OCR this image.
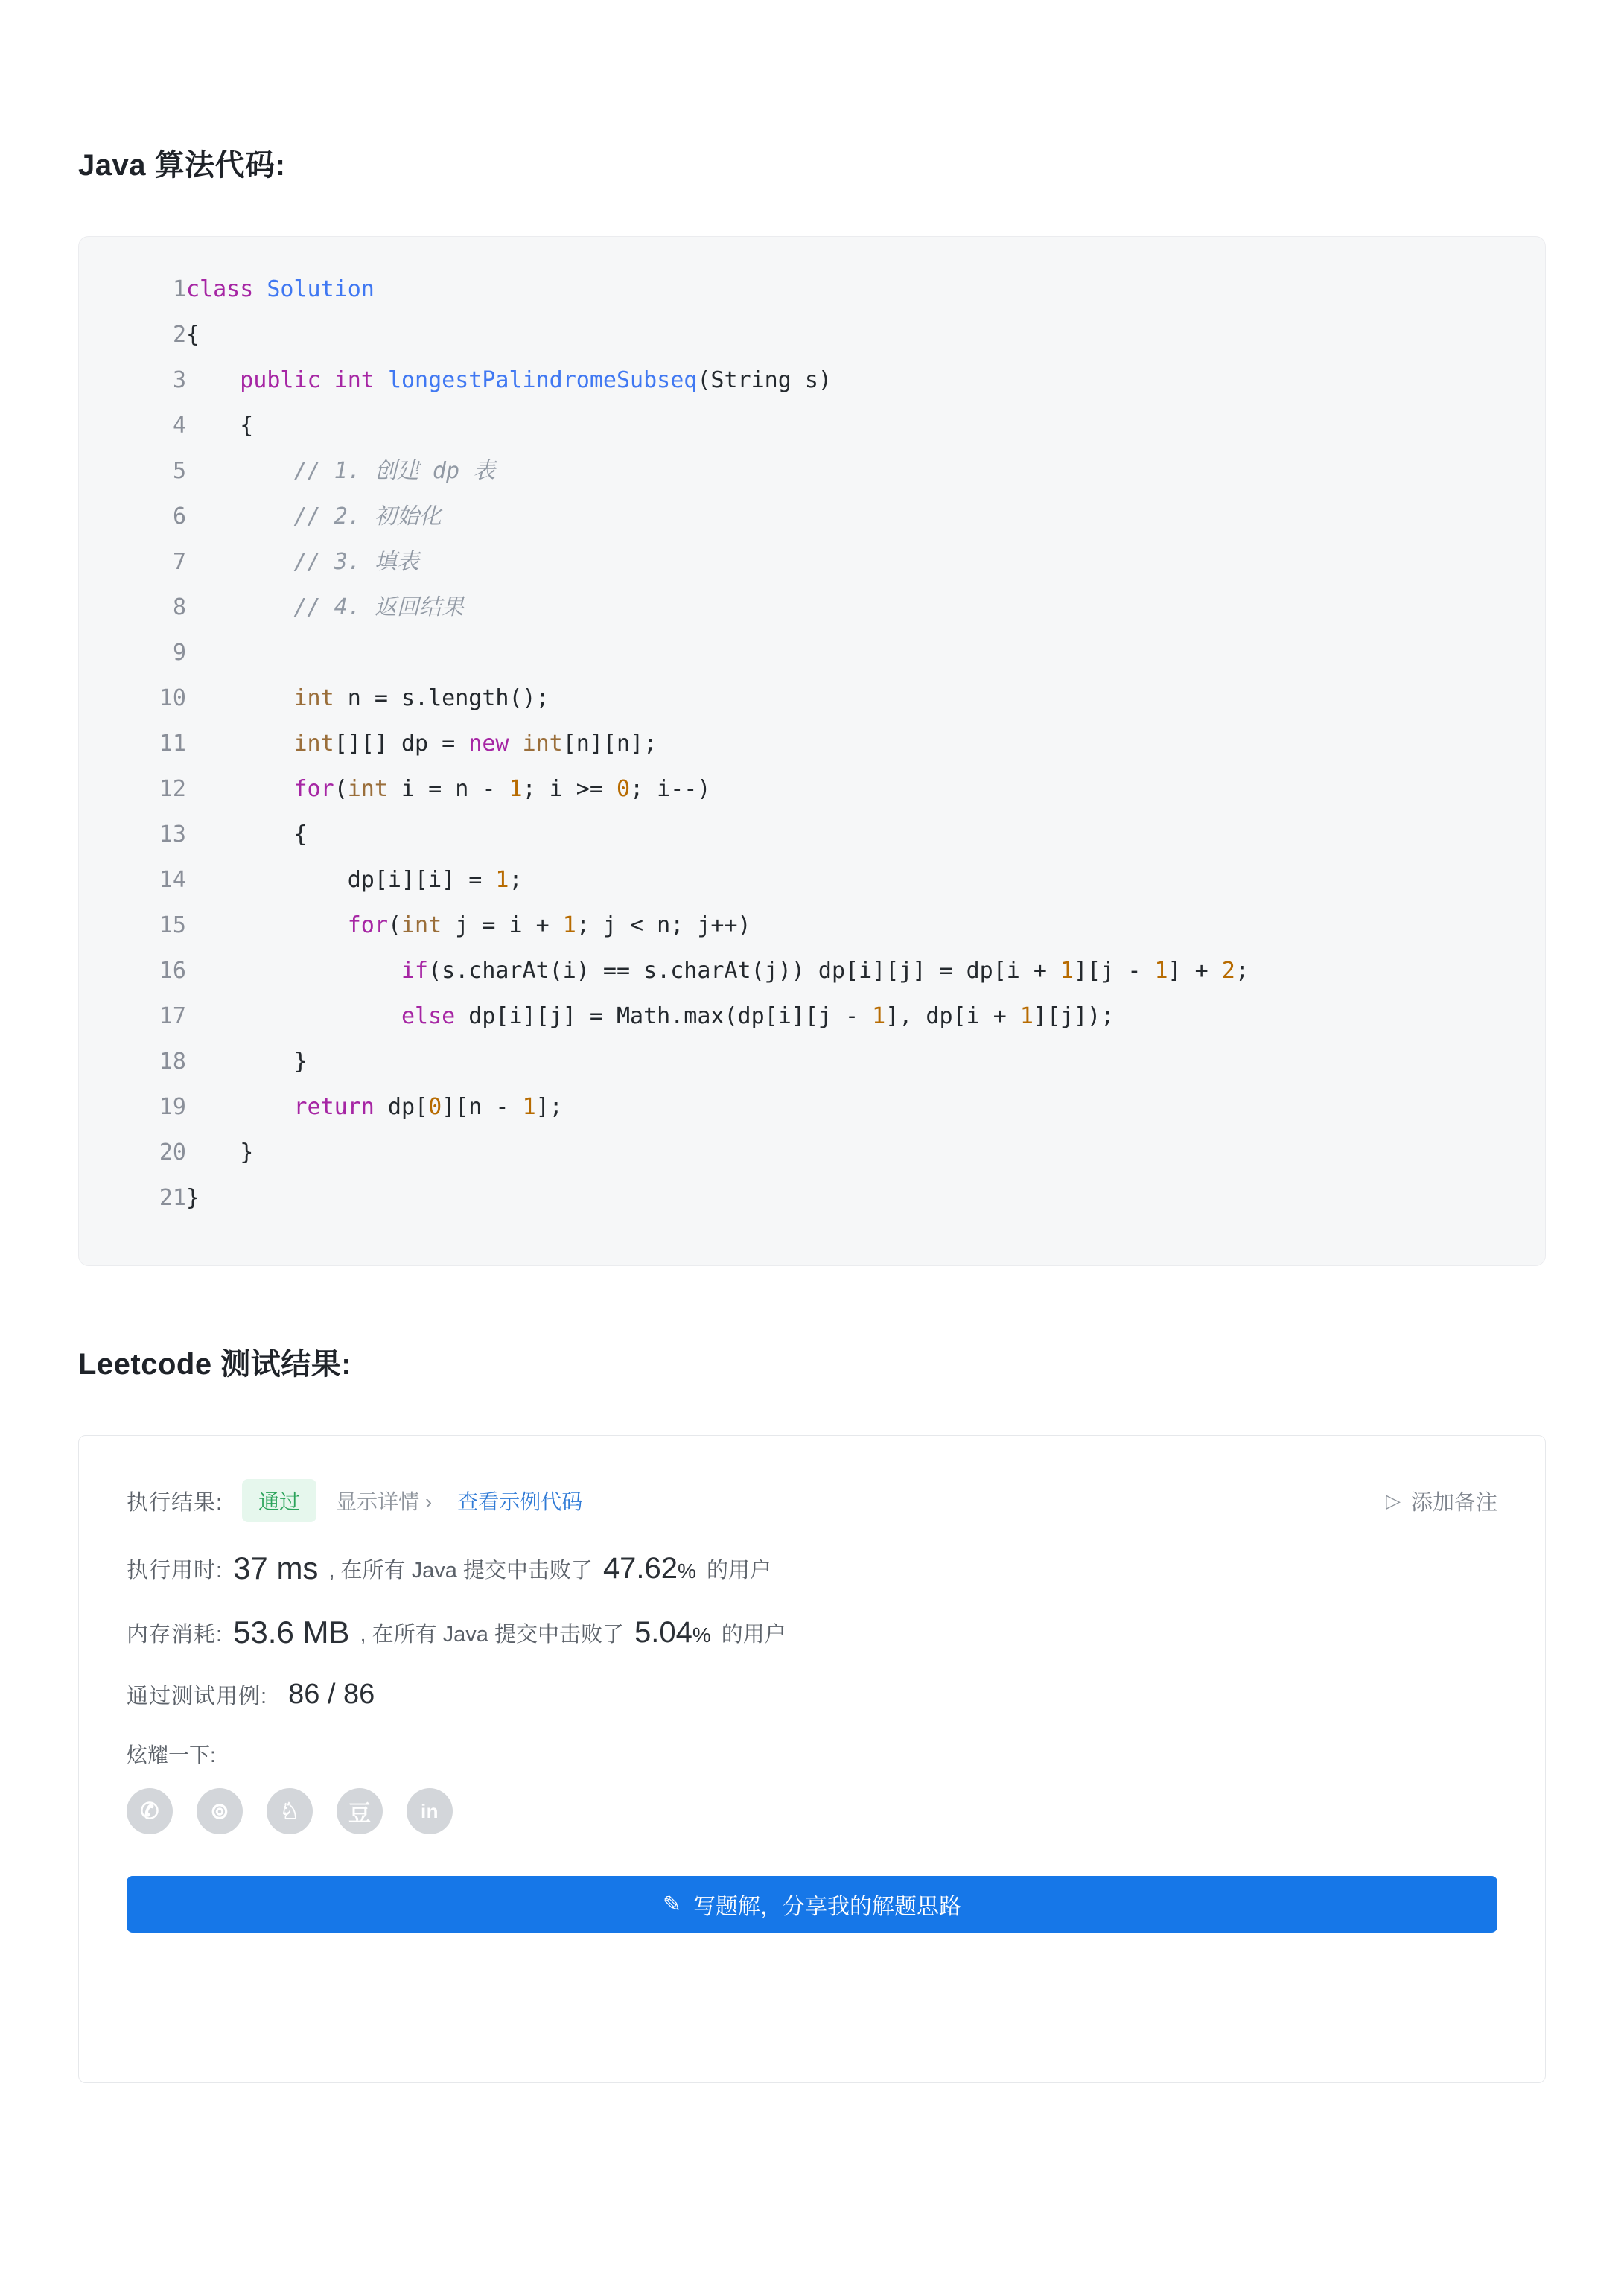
Java 算法代码:
1	class Solution
2	{
3	public int longestPalindromeSubseq(String s)
4	{
5	// 1. 创建 dp 表
6	// 2. 初始化
7	// 3. 填表
8	// 4. 返回结果
9	
10	int n = s.length();
11	int[][] dp = new int[n][n];
12	for(int i = n - 1; i >= 0; i--)
13	{
14	dp[i][i] = 1;
15	for(int j = i + 1; j < n; j++)
16	if(s.charAt(i) == s.charAt(j)) dp[i][j] = dp[i + 1][j - 1] + 2;
17	else dp[i][j] = Math.max(dp[i][j - 1], dp[i + 1][j]);
18	}
19	return dp[0][n - 1];
20	}
21	}
Leetcode 测试结果:
执行结果:	通过	显示详情 › 查看示例代码	▷ 添加备注
执行用时: 37 ms , 在所有 Java 提交中击败了 47.62% 的用户
内存消耗: 53.6 MB , 在所有 Java 提交中击败了 5.04% 的用户
通过测试用例: 86 / 86
炫耀一下:
✆	⊚	♘	豆	in
✎ 写题解，分享我的解题思路
